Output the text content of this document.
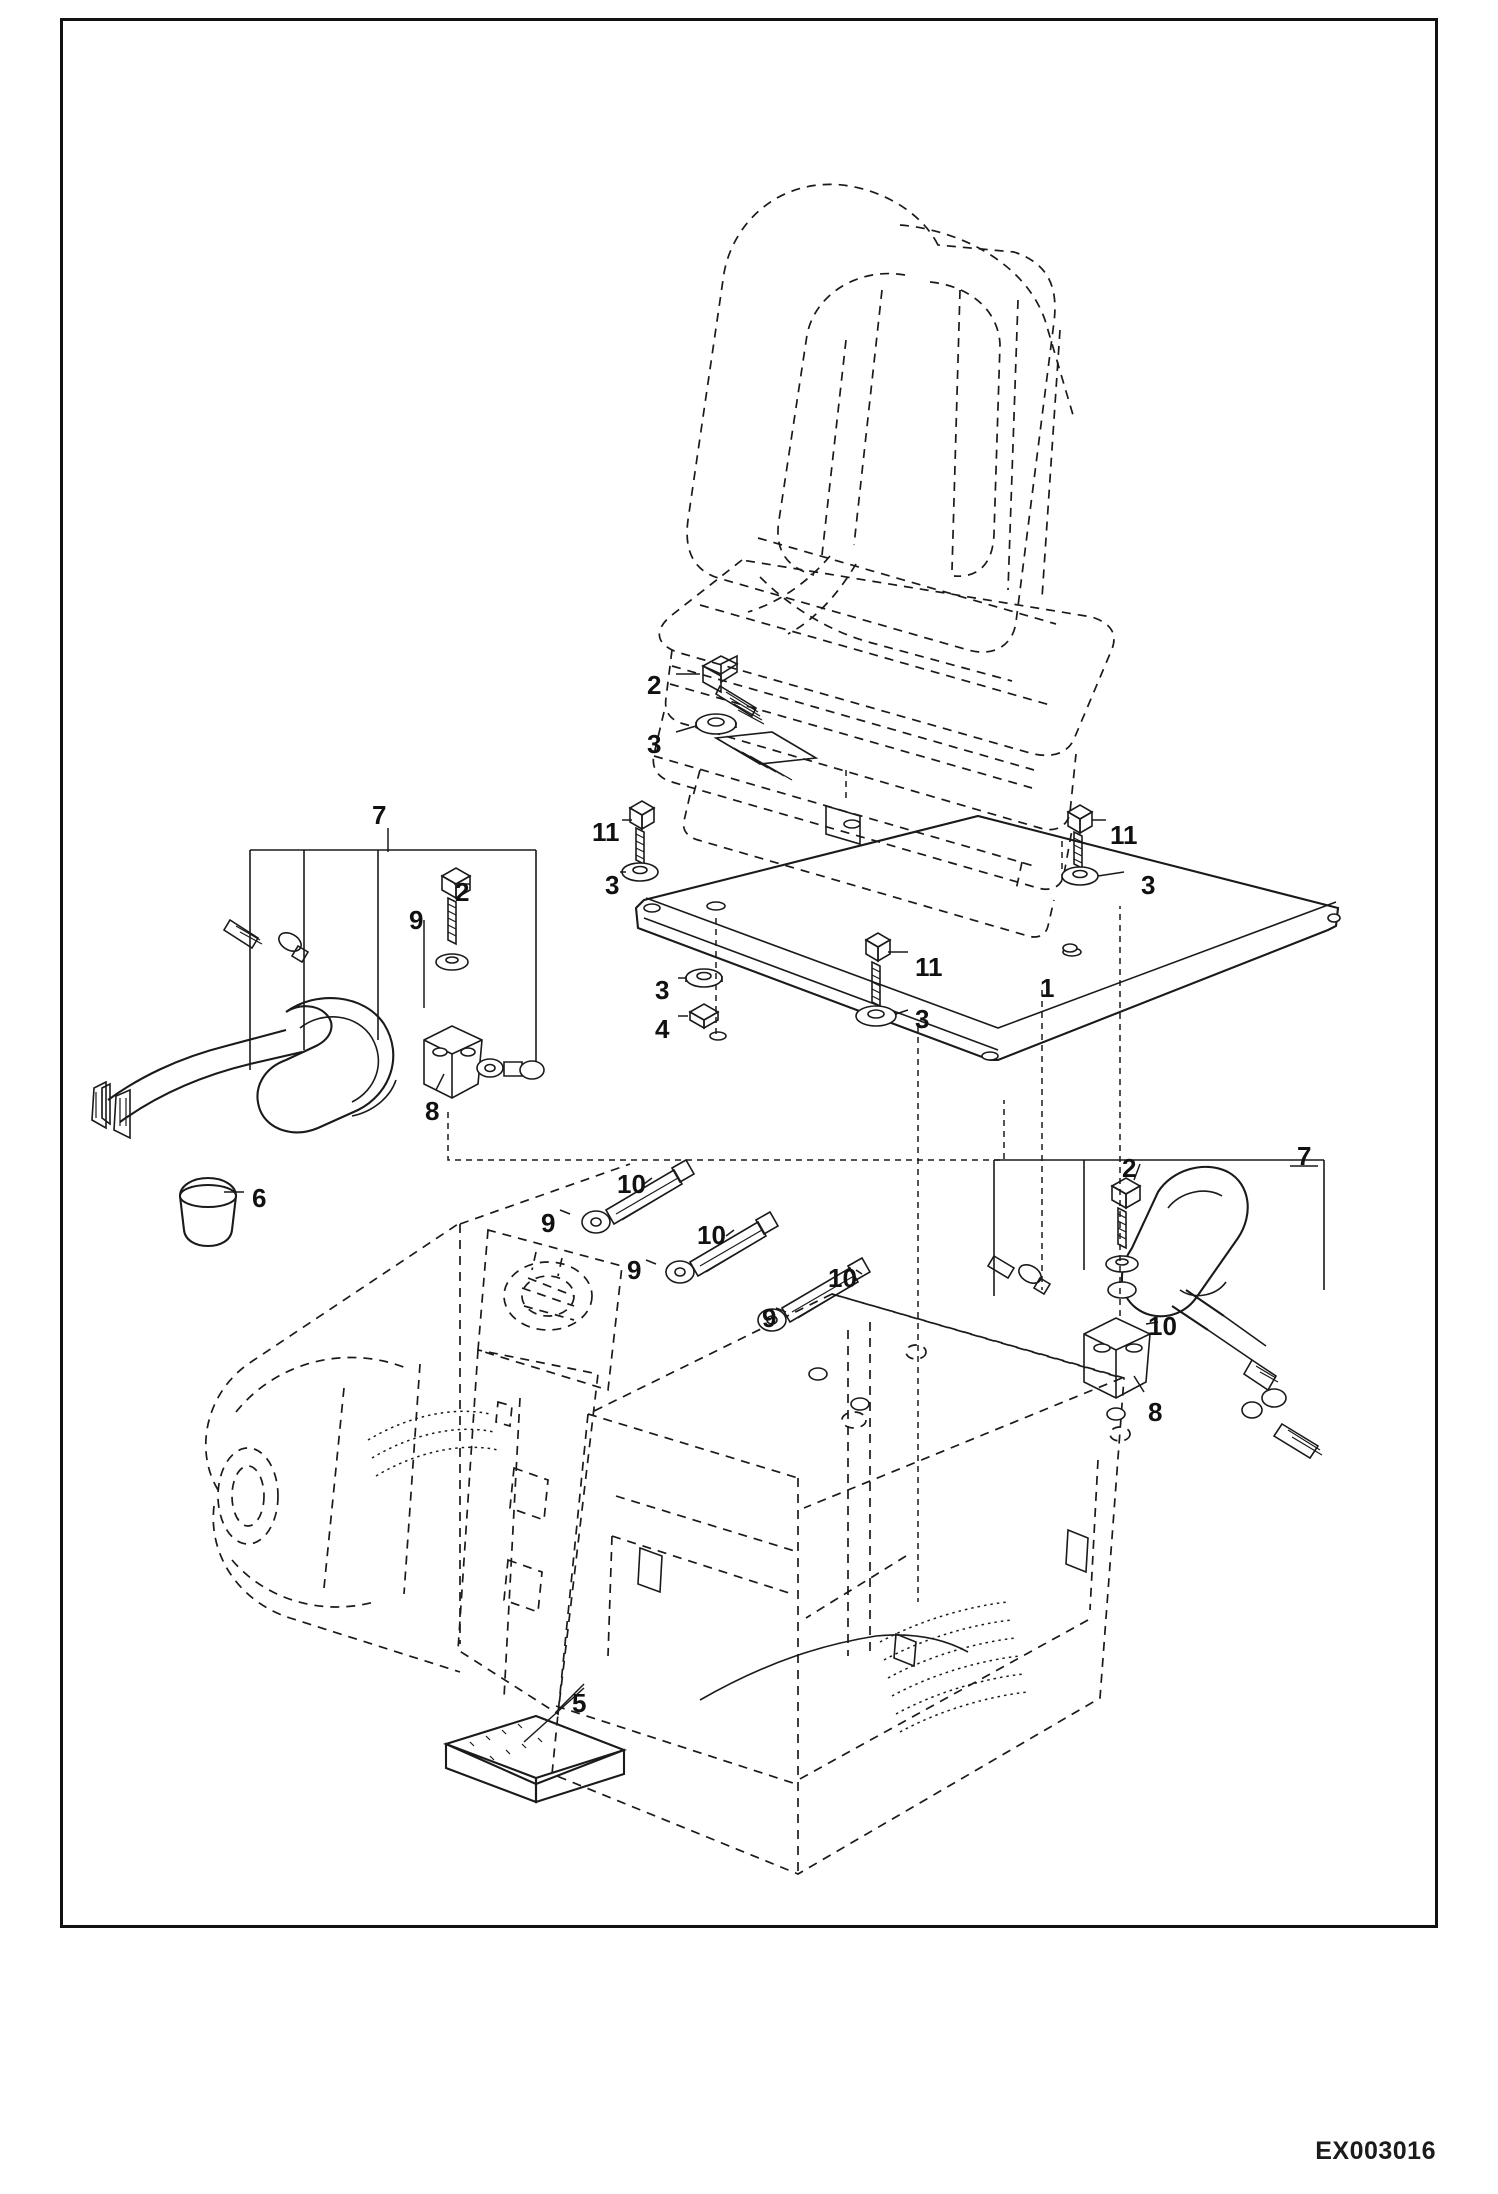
1
2
3
11
3
11
3
3
4
11
3
7
2
9
8
6	10
9	10
9	10
9
7
2
10
8
5
EX003016
